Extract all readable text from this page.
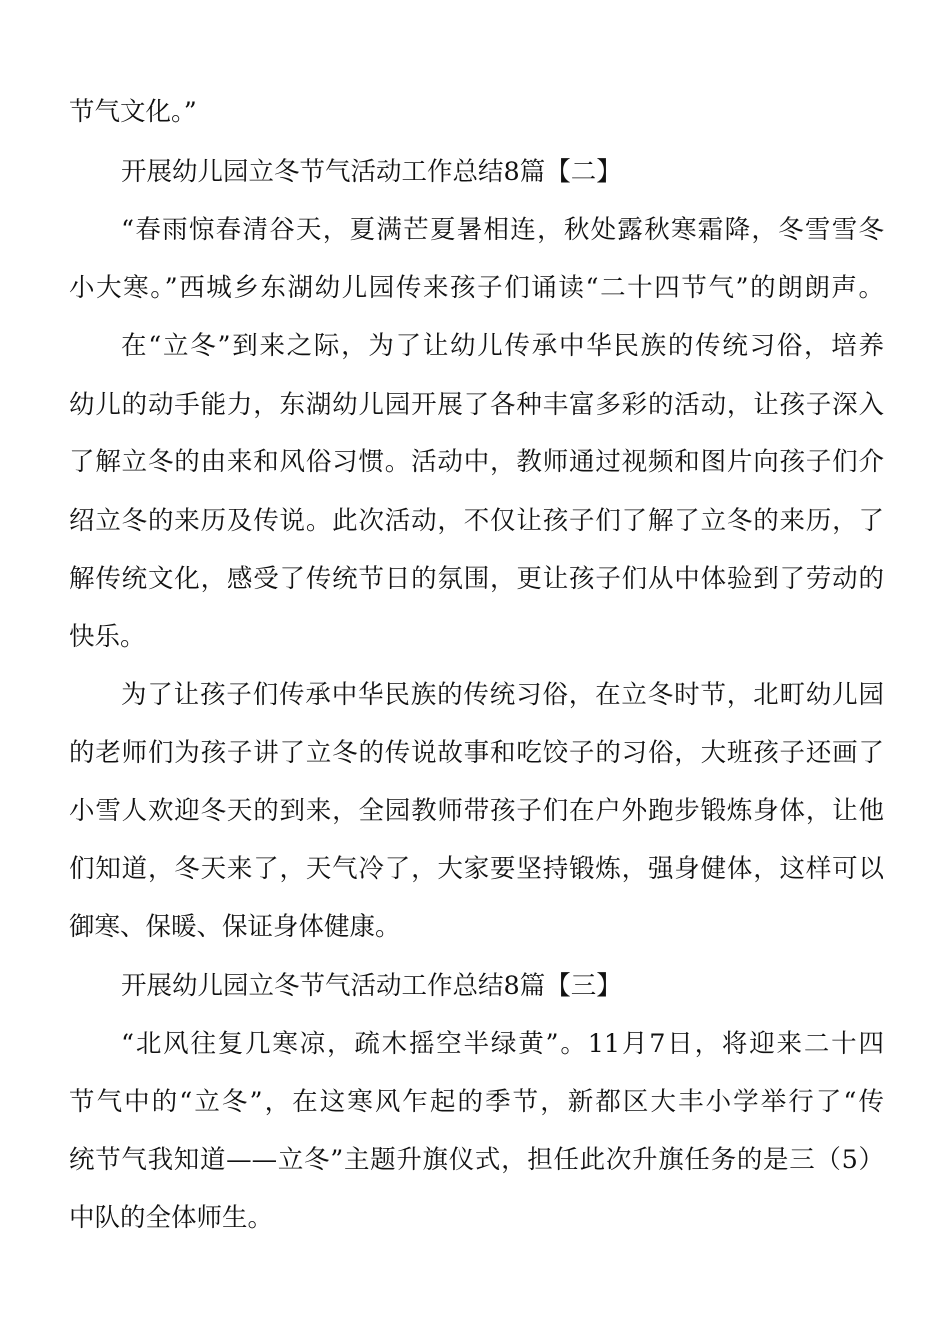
节气文化。”
开展幼儿园立冬节气活动工作总结8篇【二】
“春雨惊春清谷天，夏满芒夏暑相连，秋处露秋寒霜降，冬雪雪冬
小大寒。”西城乡东湖幼儿园传来孩子们诵读“二十四节气”的朗朗声。
在“立冬”到来之际，为了让幼儿传承中华民族的传统习俗，培养
幼儿的动手能力，东湖幼儿园开展了各种丰富多彩的活动，让孩子深入
了解立冬的由来和风俗习惯。活动中，教师通过视频和图片向孩子们介
绍立冬的来历及传说。此次活动，不仅让孩子们了解了立冬的来历，了
解传统文化，感受了传统节日的氛围，更让孩子们从中体验到了劳动的
快乐。
为了让孩子们传承中华民族的传统习俗，在立冬时节，北町幼儿园
的老师们为孩子讲了立冬的传说故事和吃饺子的习俗，大班孩子还画了
小雪人欢迎冬天的到来，全园教师带孩子们在户外跑步锻炼身体，让他
们知道，冬天来了，天气冷了，大家要坚持锻炼，强身健体，这样可以
御寒、保暖、保证身体健康。
开展幼儿园立冬节气活动工作总结8篇【三】
“北风往复几寒凉，疏木摇空半绿黄”。11月7日，将迎来二十四
节气中的“立冬”，在这寒风乍起的季节，新都区大丰小学举行了“传
统节气我知道——立冬”主题升旗仪式，担任此次升旗任务的是三（5）
中队的全体师生。
